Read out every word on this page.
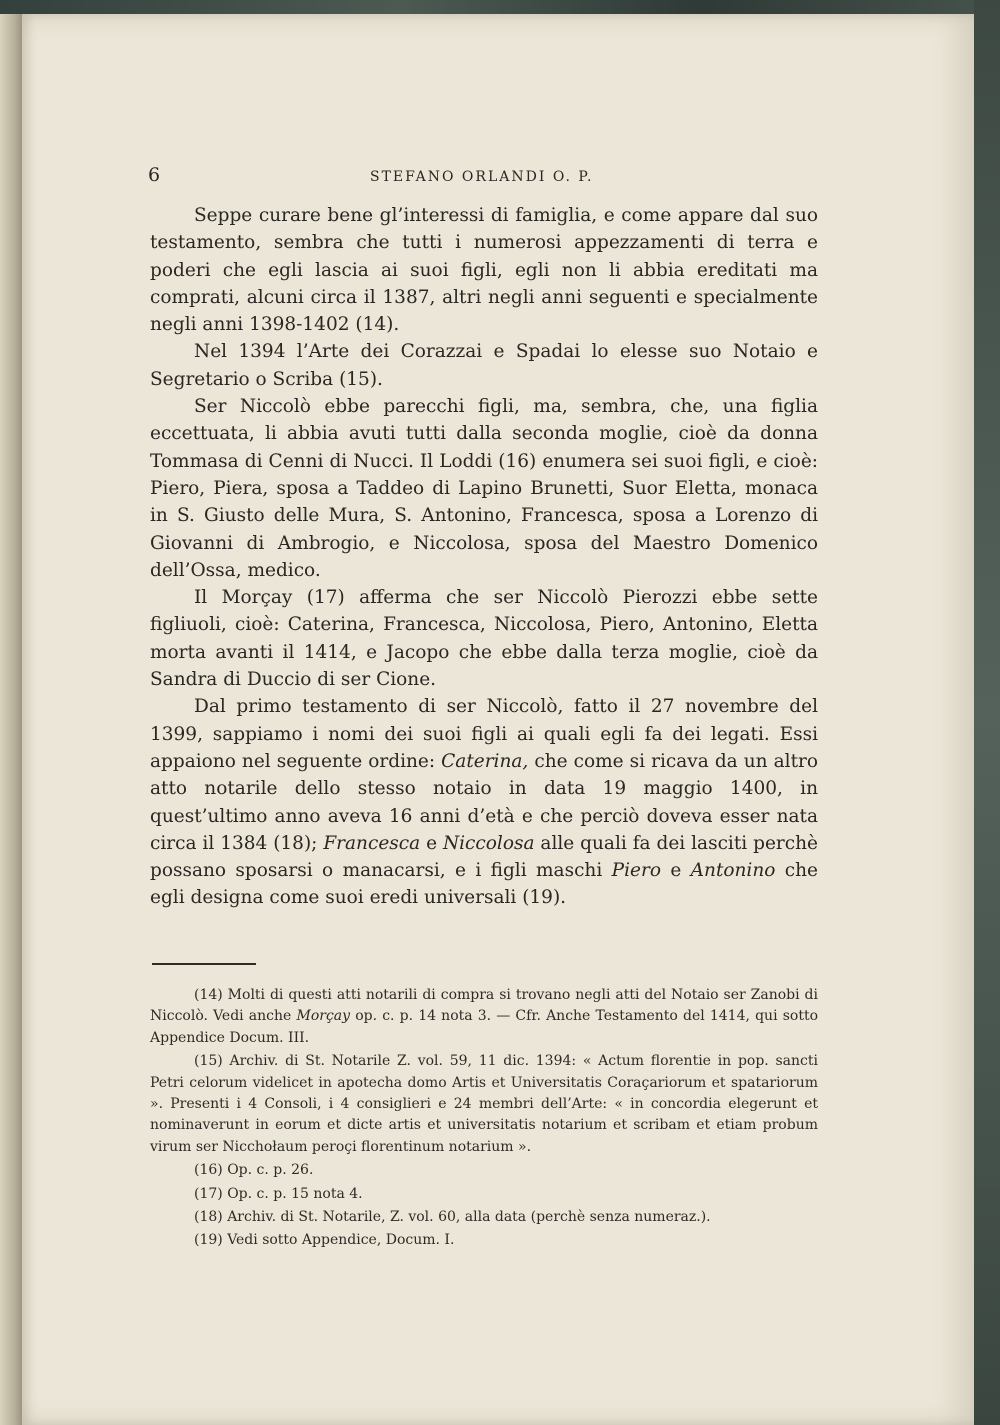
6	STEFANO ORLANDI O. P.

Seppe curare bene gl’interessi di famiglia, e come appare dal suo testamento, sembra che tutti i numerosi appezzamenti di terra e poderi che egli lascia ai suoi figli, egli non li abbia ereditati ma comprati, alcuni circa il 1387, altri negli anni seguenti e specialmente negli anni 1398-1402 (14).

Nel 1394 l’Arte dei Corazzai e Spadai lo elesse suo Notaio e Segretario o Scriba (15).

Ser Niccolò ebbe parecchi figli, ma, sembra, che, una figlia eccettuata, li abbia avuti tutti dalla seconda moglie, cioè da donna Tommasa di Cenni di Nucci. Il Loddi (16) enumera sei suoi figli, e cioè: Piero, Piera, sposa a Taddeo di Lapino Brunetti, Suor Eletta, monaca in S. Giusto delle Mura, S. Antonino, Francesca, sposa a Lorenzo di Giovanni di Ambrogio, e Niccolosa, sposa del Maestro Domenico dell’Ossa, medico.

Il Morçay (17) afferma che ser Niccolò Pierozzi ebbe sette figliuoli, cioè: Caterina, Francesca, Niccolosa, Piero, Antonino, Eletta morta avanti il 1414, e Jacopo che ebbe dalla terza moglie, cioè da Sandra di Duccio di ser Cione.

Dal primo testamento di ser Niccolò, fatto il 27 novembre del 1399, sappiamo i nomi dei suoi figli ai quali egli fa dei legati. Essi appaiono nel seguente ordine: Caterina, che come si ricava da un altro atto notarile dello stesso notaio in data 19 maggio 1400, in quest’ultimo anno aveva 16 anni d’età e che perciò doveva esser nata circa il 1384 (18); Francesca e Niccolosa alle quali fa dei lasciti perchè possano sposarsi o manacarsi, e i figli maschi Piero e Antonino che egli designa come suoi eredi universali (19).

(14) Molti di questi atti notarili di compra si trovano negli atti del Notaio ser Zanobi di Niccolò. Vedi anche Morçay op. c. p. 14 nota 3. — Cfr. Anche Testamento del 1414, qui sotto Appendice Docum. III.

(15) Archiv. di St. Notarile Z. vol. 59, 11 dic. 1394: « Actum florentie in pop. sancti Petri celorum videlicet in apotecha domo Artis et Universitatis Coraçariorum et spatariorum ». Presenti i 4 Consoli, i 4 consiglieri e 24 membri dell’Arte: « in concordia elegerunt et nominaverunt in eorum et dicte artis et universitatis notarium et scribam et etiam probum virum ser Nicchołaum peroçi florentinum notarium ».

(16) Op. c. p. 26.

(17) Op. c. p. 15 nota 4.

(18) Archiv. di St. Notarile, Z. vol. 60, alla data (perchè senza numeraz.).

(19) Vedi sotto Appendice, Docum. I.
